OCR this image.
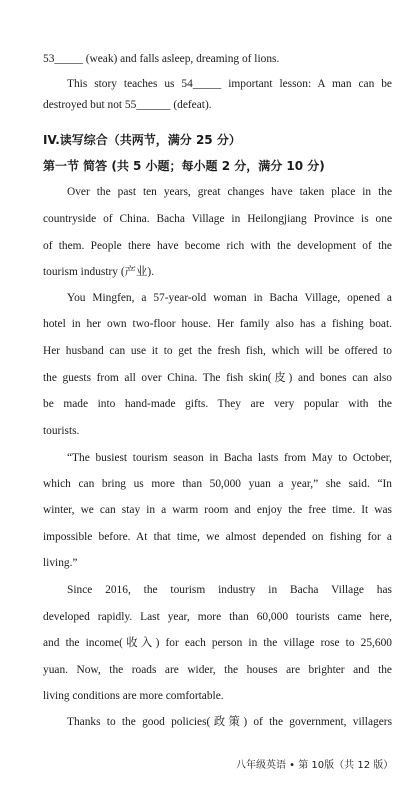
53_____ (weak) and falls asleep, dreaming of lions.
This story teaches us 54_____ important lesson: A man can be
destroyed but not 55______ (defeat).
IV.读写综合（共两节，满分 25 分）
第一节 简答 (共 5 小题；每小题 2 分，满分 10 分)
Over the past ten years, great changes have taken place in the
countryside of China. Bacha Village in Heilongjiang Province is one
of them. People there have become rich with the development of the
tourism industry (产业).
You Mingfen, a 57-year-old woman in Bacha Village, opened a
hotel in her own two-floor house. Her family also has a fishing boat.
Her husband can use it to get the fresh fish, which will be offered to
the guests from all over China. The fish skin(皮) and bones can also
be made into hand-made gifts. They are very popular with the
tourists.
“The busiest tourism season in Bacha lasts from May to October,
which can bring us more than 50,000 yuan a year,” she said. “In
winter, we can stay in a warm room and enjoy the free time. It was
impossible before. At that time, we almost depended on fishing for a
living.”
Since 2016, the tourism industry in Bacha Village has
developed rapidly. Last year, more than 60,000 tourists came here,
and the income(收入) for each person in the village rose to 25,600
yuan. Now, the roads are wider, the houses are brighter and the
living conditions are more comfortable.
Thanks to the good policies(政策) of the government, villagers
八年级英语 • 第 10版（共 12 版）
